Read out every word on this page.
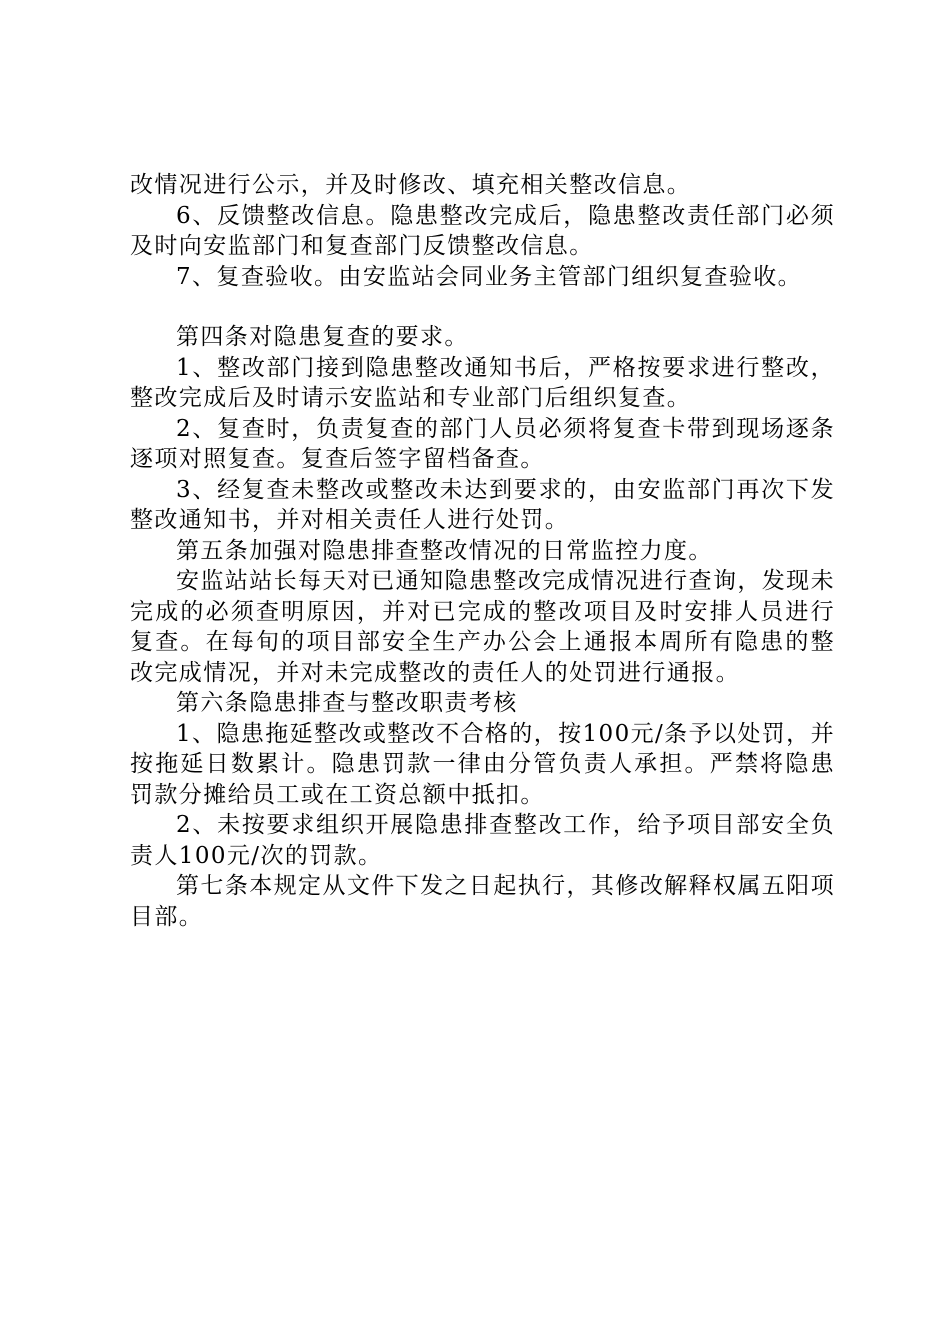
改情况进行公示，并及时修改、填充相关整改信息。

6、反馈整改信息。隐患整改完成后，隐患整改责任部门必须及时向安监部门和复查部门反馈整改信息。

7、复查验收。由安监站会同业务主管部门组织复查验收。

第四条对隐患复查的要求。

1、整改部门接到隐患整改通知书后，严格按要求进行整改，整改完成后及时请示安监站和专业部门后组织复查。

2、复查时，负责复查的部门人员必须将复查卡带到现场逐条逐项对照复查。复查后签字留档备查。

3、经复查未整改或整改未达到要求的，由安监部门再次下发整改通知书，并对相关责任人进行处罚。

第五条加强对隐患排查整改情况的日常监控力度。

安监站站长每天对已通知隐患整改完成情况进行查询，发现未完成的必须查明原因，并对已完成的整改项目及时安排人员进行复查。在每旬的项目部安全生产办公会上通报本周所有隐患的整改完成情况，并对未完成整改的责任人的处罚进行通报。

第六条隐患排查与整改职责考核

1、隐患拖延整改或整改不合格的，按100元/条予以处罚，并按拖延日数累计。隐患罚款一律由分管负责人承担。严禁将隐患罚款分摊给员工或在工资总额中抵扣。

2、未按要求组织开展隐患排查整改工作，给予项目部安全负责人100元/次的罚款。

第七条本规定从文件下发之日起执行，其修改解释权属五阳项目部。
